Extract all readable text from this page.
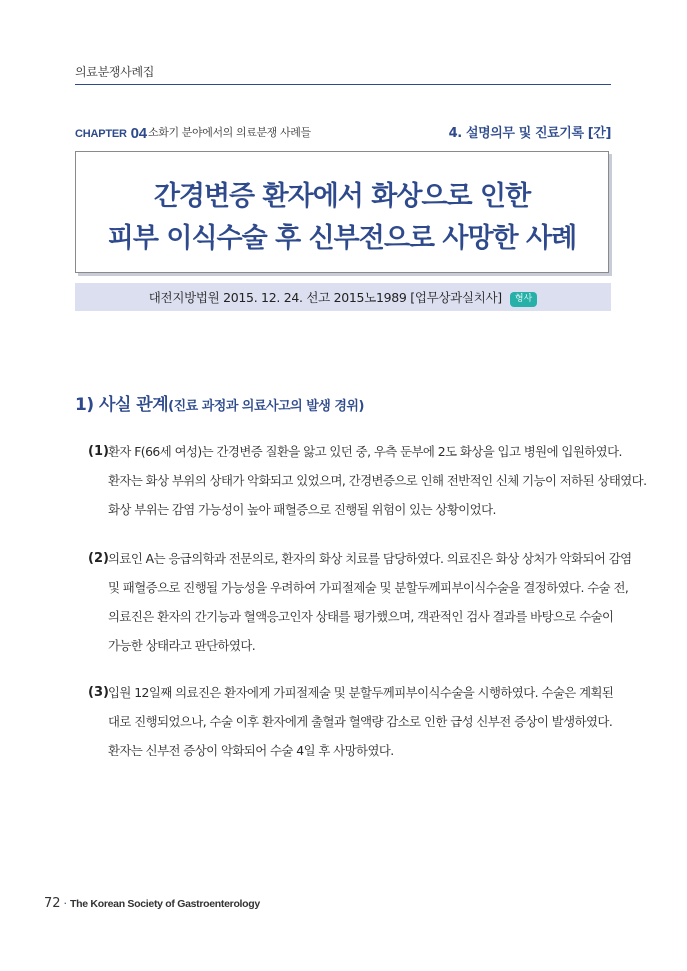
의료분쟁사례집
CHAPTER 04 소화기 분야에서의 의료분쟁 사례들	4. 설명의무 및 진료기록 [간]
간경변증 환자에서 화상으로 인한
피부 이식수술 후 신부전으로 사망한 사례
대전지방법원 2015. 12. 24. 선고 2015노1989 [업무상과실치사] 형사
1) 사실 관계(진료 과정과 의료사고의 발생 경위)
(1) 환자 F(66세 여성)는 간경변증 질환을 앓고 있던 중, 우측 둔부에 2도 화상을 입고 병원에 입원하였다.
환자는 화상 부위의 상태가 악화되고 있었으며, 간경변증으로 인해 전반적인 신체 기능이 저하된 상태였다.
화상 부위는 감염 가능성이 높아 패혈증으로 진행될 위험이 있는 상황이었다.
(2) 의료인 A는 응급의학과 전문의로, 환자의 화상 치료를 담당하였다. 의료진은 화상 상처가 악화되어 감염
및 패혈증으로 진행될 가능성을 우려하여 가피절제술 및 분할두께피부이식수술을 결정하였다. 수술 전,
의료진은 환자의 간기능과 혈액응고인자 상태를 평가했으며, 객관적인 검사 결과를 바탕으로 수술이
가능한 상태라고 판단하였다.
(3) 입원 12일째 의료진은 환자에게 가피절제술 및 분할두께피부이식수술을 시행하였다. 수술은 계획된
대로 진행되었으나, 수술 이후 환자에게 출혈과 혈액량 감소로 인한 급성 신부전 증상이 발생하였다.
환자는 신부전 증상이 악화되어 수술 4일 후 사망하였다.
72 · The Korean Society of Gastroenterology
